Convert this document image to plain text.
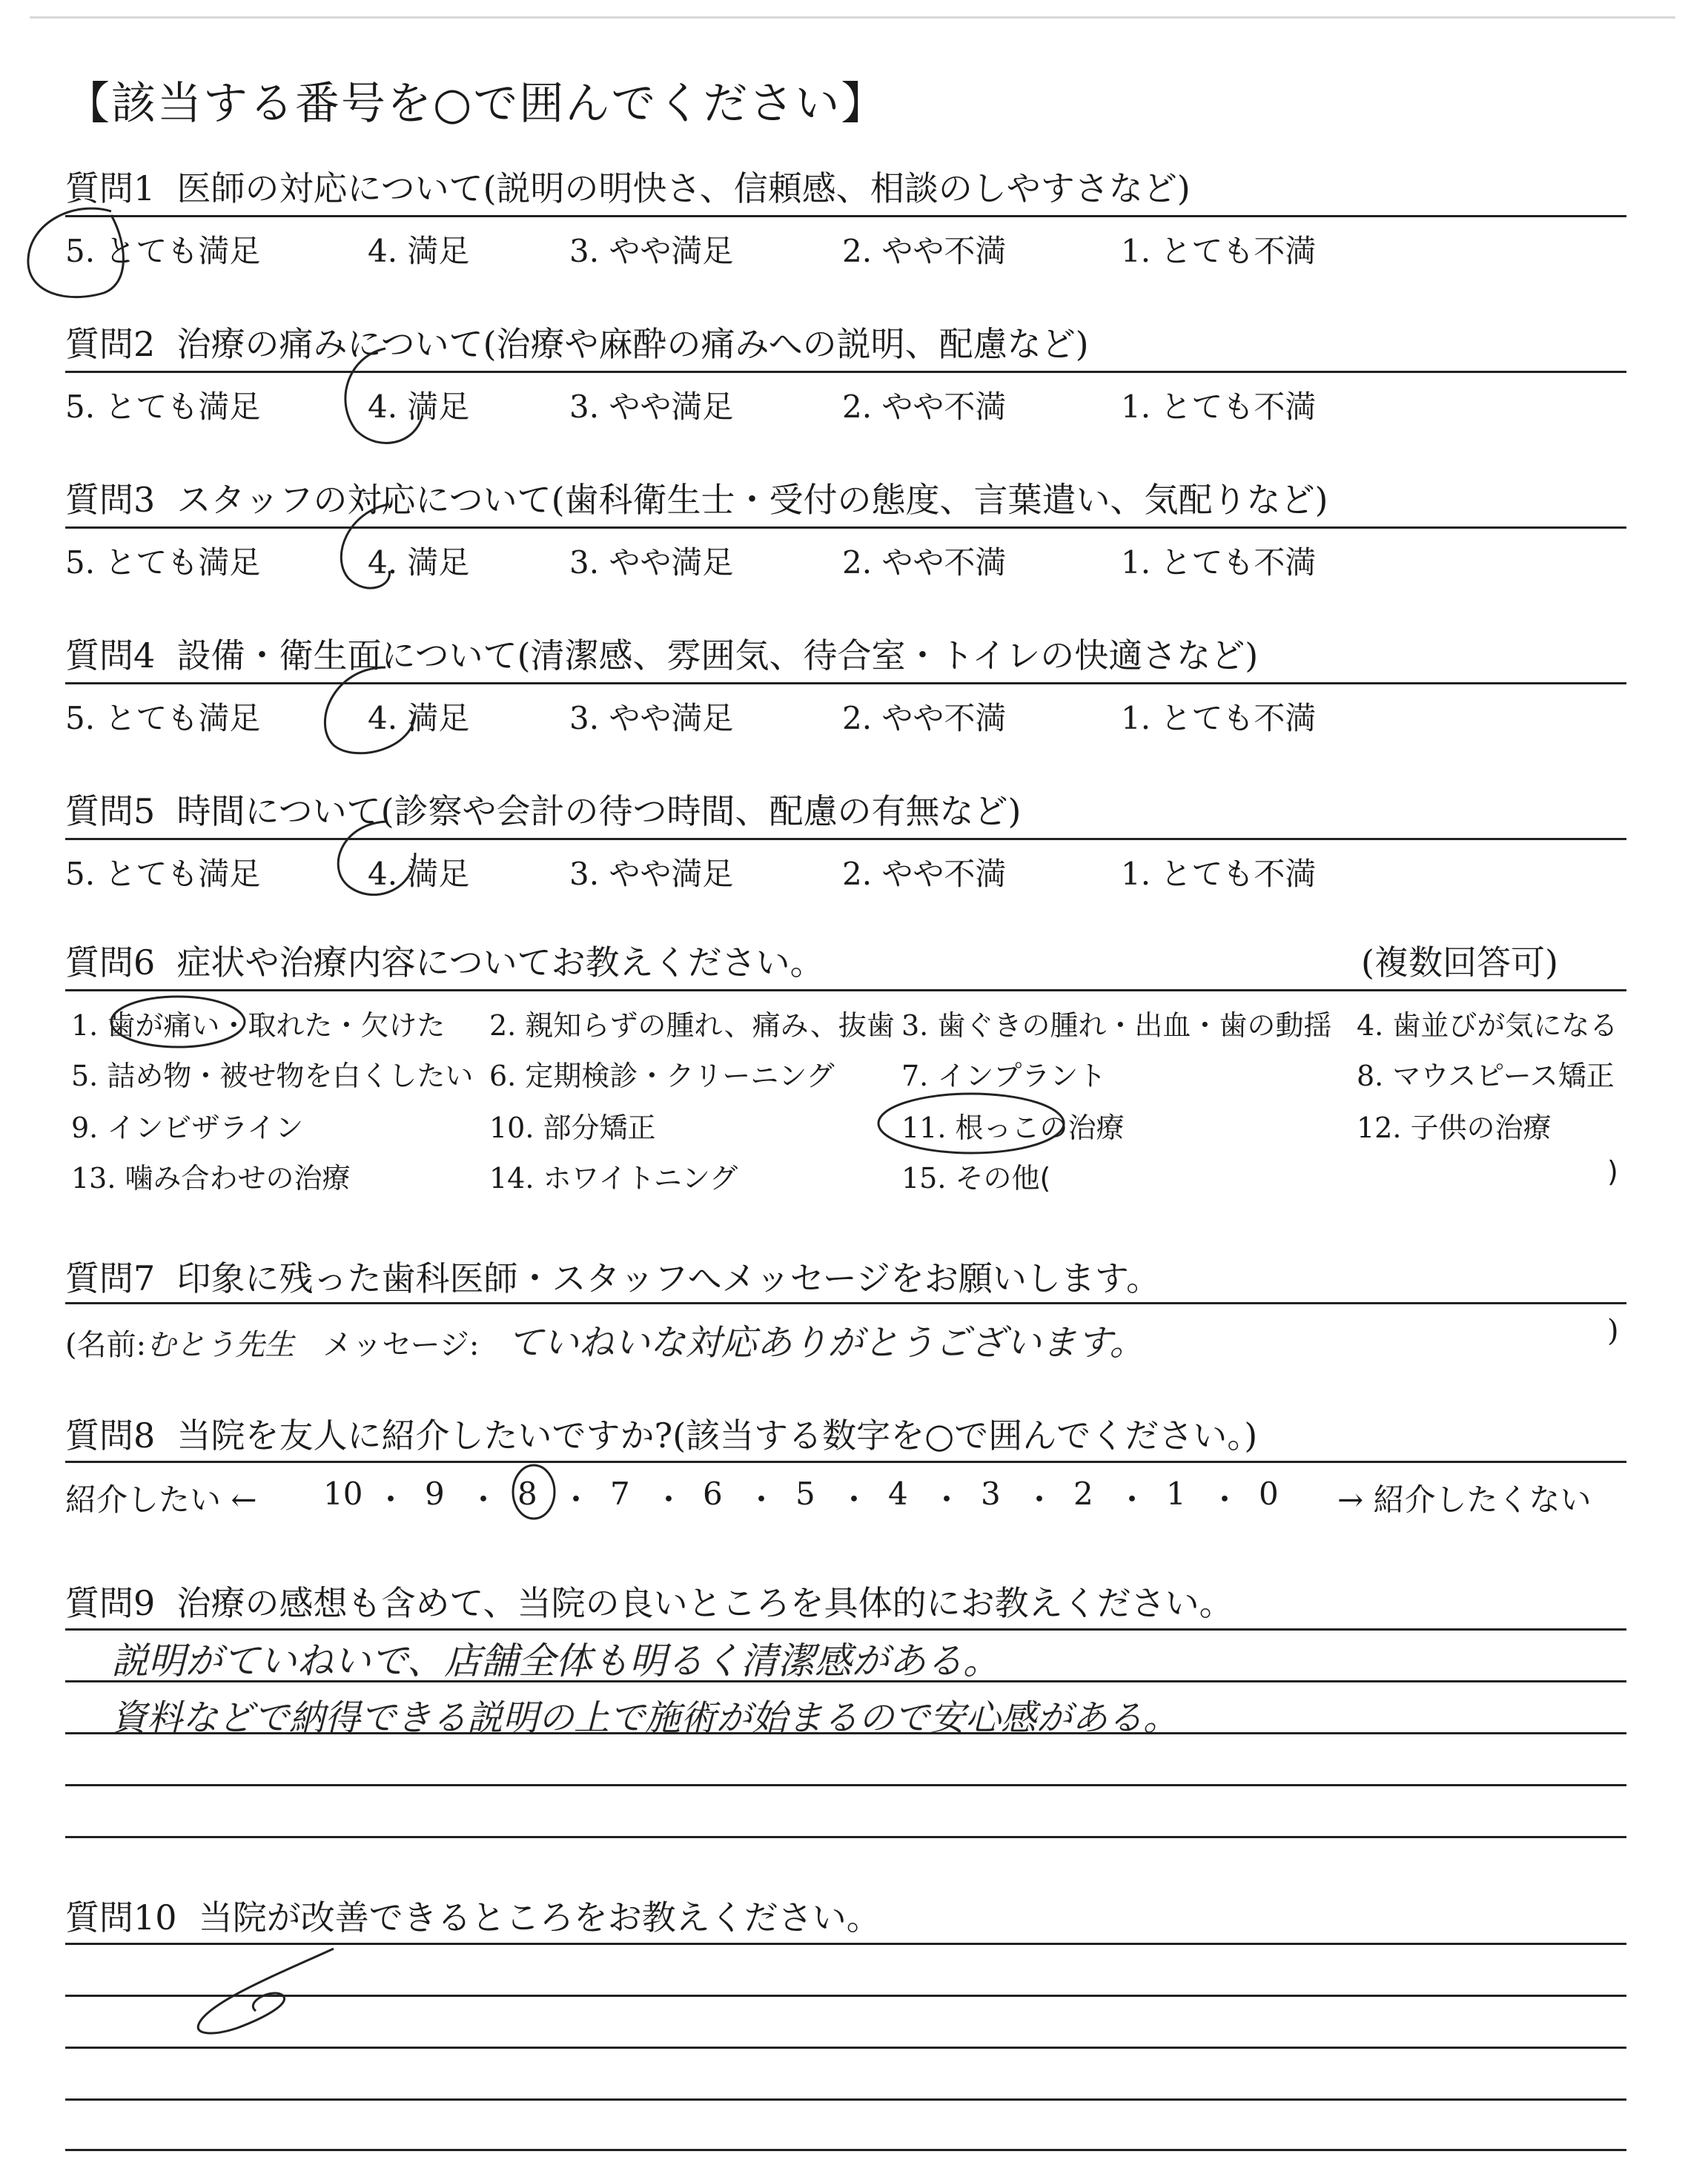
【該当する番号を○で囲んでください】
質問1 医師の対応について(説明の明快さ、信頼感、相談のしやすさなど)
5. とても満足	4. 満足	3. やや満足	2. やや不満	1. とても不満
質問2 治療の痛みについて(治療や麻酔の痛みへの説明、配慮など)
5. とても満足	4. 満足	3. やや満足	2. やや不満	1. とても不満
質問3 スタッフの対応について(歯科衛生士・受付の態度、言葉遣い、気配りなど)
5. とても満足	4. 満足	3. やや満足	2. やや不満	1. とても不満
質問4 設備・衛生面について(清潔感、雰囲気、待合室・トイレの快適さなど)
5. とても満足	4. 満足	3. やや満足	2. やや不満	1. とても不満
質問5 時間について(診察や会計の待つ時間、配慮の有無など)
5. とても満足	4. 満足	3. やや満足	2. やや不満	1. とても不満
質問6 症状や治療内容についてお教えください。	(複数回答可)
1. 歯が痛い・取れた・欠けた 2. 親知らずの腫れ、痛み、抜歯 3. 歯ぐきの腫れ・出血・歯の動揺 4. 歯並びが気になる
5. 詰め物・被せ物を白くしたい 6. 定期検診・クリーニング 7. インプラント	8. マウスピース矯正
9. インビザライン	10. 部分矯正	11. 根っこの治療	12. 子供の治療
13. 噛み合わせの治療	14. ホワイトニング	15. その他(	)
質問7 印象に残った歯科医師・スタッフへメッセージをお願いします。
(名前:むとう先生 メッセージ: ていねいな対応ありがとうございます。	)
質問8 当院を友人に紹介したいですか?(該当する数字を○で囲んでください。)
紹介したい ←	→ 紹介したくない
10 ・ 9 ・ 8 ・ 7 ・ 6 ・ 5 ・ 4 ・ 3 ・ 2 ・ 1 ・ 0
質問9 治療の感想も含めて、当院の良いところを具体的にお教えください。
説明がていねいで、店舗全体も明るく清潔感がある。
資料などで納得できる説明の上で施術が始まるので安心感がある。
質問10 当院が改善できるところをお教えください。
